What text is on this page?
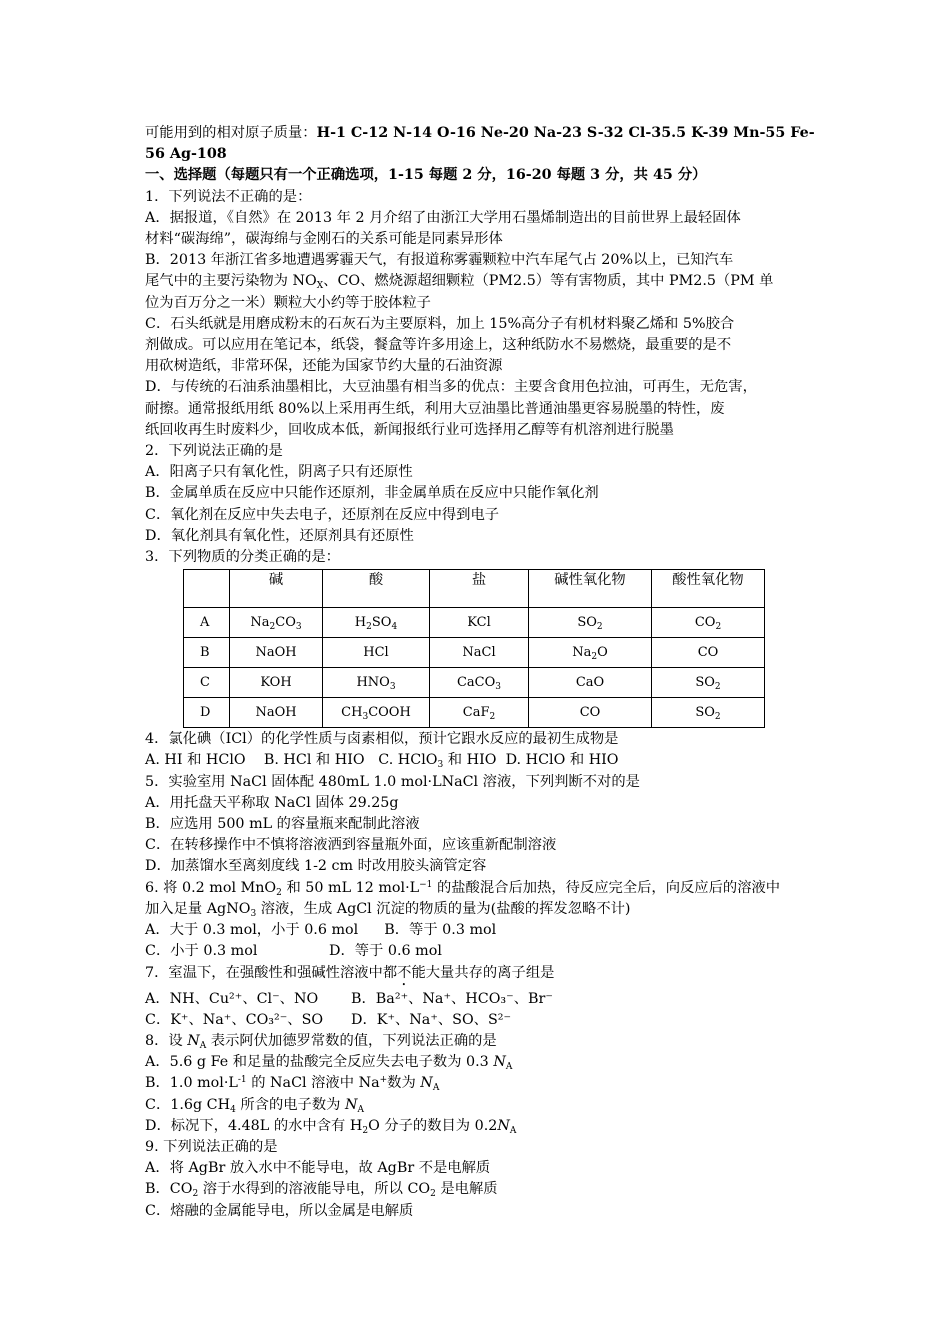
可能用到的相对原子质量：H-1 C-12 N-14 O-16 Ne-20 Na-23 S-32 Cl-35.5 K-39 Mn-55 Fe-
56 Ag-108
一、选择题（每题只有一个正确选项，1-15 每题 2 分，16-20 每题 3 分，共 45 分）
1．下列说法不正确的是：
A．据报道，《自然》在 2013 年 2 月介绍了由浙江大学用石墨烯制造出的目前世界上最轻固体
材料“碳海绵”，碳海绵与金刚石的关系可能是同素异形体
B．2013 年浙江省多地遭遇雾霾天气，有报道称雾霾颗粒中汽车尾气占 20%以上，已知汽车
尾气中的主要污染物为 $NO_X$、CO、燃烧源超细颗粒（PM2.5）等有害物质，其中 PM2.5（PM 单
位为百万分之一米）颗粒大小约等于胶体粒子
C．石头纸就是用磨成粉末的石灰石为主要原料，加上 15%高分子有机材料聚乙烯和 5%胶合
剂做成。可以应用在笔记本，纸袋，餐盒等许多用途上，这种纸防水不易燃烧，最重要的是不
用砍树造纸，非常环保，还能为国家节约大量的石油资源
D．与传统的石油系油墨相比，大豆油墨有相当多的优点：主要含食用色拉油，可再生，无危害，
耐擦。通常报纸用纸 80%以上采用再生纸，利用大豆油墨比普通油墨更容易脱墨的特性，废
纸回收再生时废料少，回收成本低，新闻报纸行业可选择用乙醇等有机溶剂进行脱墨
2．下列说法正确的是
A．阳离子只有氧化性，阴离子只有还原性
B．金属单质在反应中只能作还原剂，非金属单质在反应中只能作氧化剂
C．氧化剂在反应中失去电子，还原剂在反应中得到电子
D．氧化剂具有氧化性，还原剂具有还原性
3．下列物质的分类正确的是：
	碱	酸	盐	碱性氧化物	酸性氧化物
A	$Na_2CO_3$	$H_2SO_4$	KCl	$SO_2$	$CO_2$
B	NaOH	HCl	NaCl	$Na_2O$	CO
C	KOH	$HNO_3$	CaCO$_3$	CaO	$SO_2$
D	NaOH	$CH_3COOH$	CaF$_2$	CO	$SO_2$
4．氯化碘（ICl）的化学性质与卤素相似，预计它跟水反应的最初生成物是
A. HI 和 HClO B. HCl 和 HIO C. HClO$_3$ 和 HIO D. HClO 和 HIO
5．实验室用 NaCl 固体配 480mL 1.0 mol·LNaCl 溶液，下列判断不对的是
A．用托盘天平称取 NaCl 固体 29.25g
B．应选用 500 mL 的容量瓶来配制此溶液
C．在转移操作中不慎将溶液洒到容量瓶外面，应该重新配制溶液
D．加蒸馏水至离刻度线 1-2 cm 时改用胶头滴管定容
6. 将 0.2 mol MnO$_2$ 和 50 mL 12 $mol\cdot L^{-1}$ 的盐酸混合后加热，待反应完全后，向反应后的溶液中
加入足量 AgNO$_3$ 溶液，生成 AgCl 沉淀的物质的量为(盐酸的挥发忽略不计)
A．大于 0.3 mol，小于 0.6 mol B．等于 0.3 mol
C．小于 0.3 mol	D．等于 0.6 mol
7．室温下，在强酸性和强碱性溶液中都不能大量共存的离子组是
A．NH、Cu²⁺、Cl⁻、NO B．Ba²⁺、Na⁺、HCO₃⁻、Br⁻
C．K⁺、Na⁺、CO₃²⁻、SO D．K⁺、Na⁺、SO、S²⁻
8．设 $N_A$ 表示阿伏加德罗常数的值，下列说法正确的是
A．5.6 g Fe 和足量的盐酸完全反应失去电子数为 0.3 $N_A$
B．1.0 $mol\cdot L^{-1}$ 的 NaCl 溶液中 Na+数为 $N_A$
C．1.6g $CH_4$ 所含的电子数为 $N_A$
D．标况下，4.48L 的水中含有 $H_2O$ 分子的数目为 $0.2N_A$
9. 下列说法正确的是
A．将 AgBr 放入水中不能导电，故 AgBr 不是电解质
B．$CO_2$ 溶于水得到的溶液能导电，所以 $CO_2$ 是电解质
C．熔融的金属能导电，所以金属是电解质
